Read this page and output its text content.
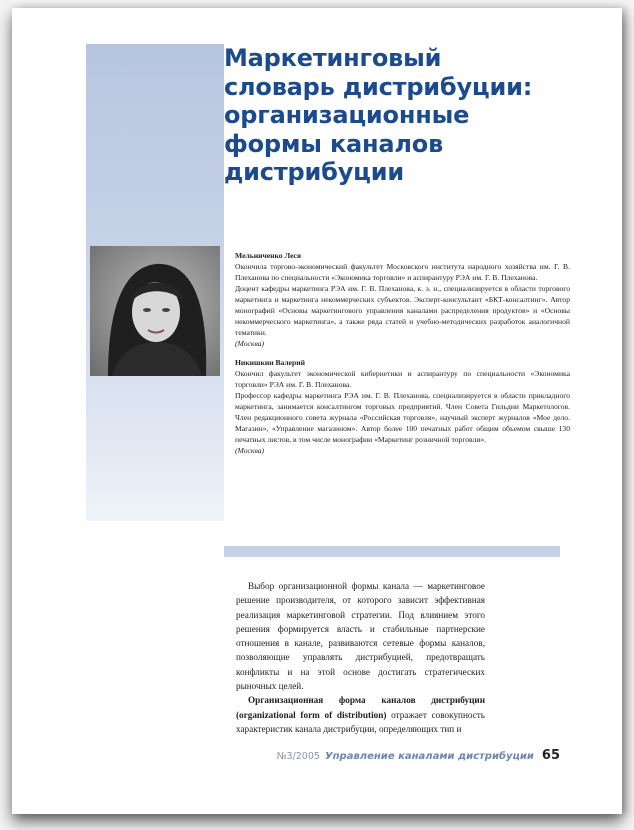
Маркетинговый
словарь дистрибуции:
организационные
формы каналов
дистрибуции
Мельниченко Леся
Окончила торгово-экономический факультет Московского института народного хозяйства им. Г. В. Плеханова по специальности «Экономика торговли» и аспирантуру РЭА им. Г. В. Плеханова.
Доцент кафедры маркетинга РЭА им. Г. В. Плеханова, к. э. н., специализируется в области торгового маркетинга и маркетинга некоммерческих субъектов. Эксперт-консультант «БКТ-консалтинг». Автор монографий «Основы маркетингового управления каналами распределения продуктов» и «Основы некоммерческого маркетинга», а также ряда статей и учебно-методических разработок аналогичной тематики.
(Москва)
Никишкин Валерий
Окончил факультет экономической кибернетики и аспирантуру по специальности «Экономика торговли» РЭА им. Г. В. Плеханова.
Профессор кафедры маркетинга РЭА им. Г. В. Плеханова, специализируется в области прикладного маркетинга, занимается консалтингом торговых предприятий. Член Совета Гильдии Маркетологов. Член редакционного совета журнала «Российская торговля», научный эксперт журналов «Мое дело. Магазин», «Управление магазином». Автор более 100 печатных работ общим объемом свыше 130 печатных листов, в том числе монографии «Маркетинг розничной торговли».
(Москва)

Выбор организационной формы канала — маркетинговое решение производителя, от которого зависит эффективная реализация маркетинговой стратегии. Под влиянием этого решения формируется власть и стабильные партнерские отношения в канале, развиваются сетевые формы каналов, позволяющие управлять дистрибуцией, предотвращать конфликты и на этой основе достигать стратегических рыночных целей.

Организационная форма каналов дистрибуции (organizational form of distribution) отражает совокупность характеристик канала дистрибуции, определяющих тип и

№3/2005 Управление каналами дистрибуции 65
